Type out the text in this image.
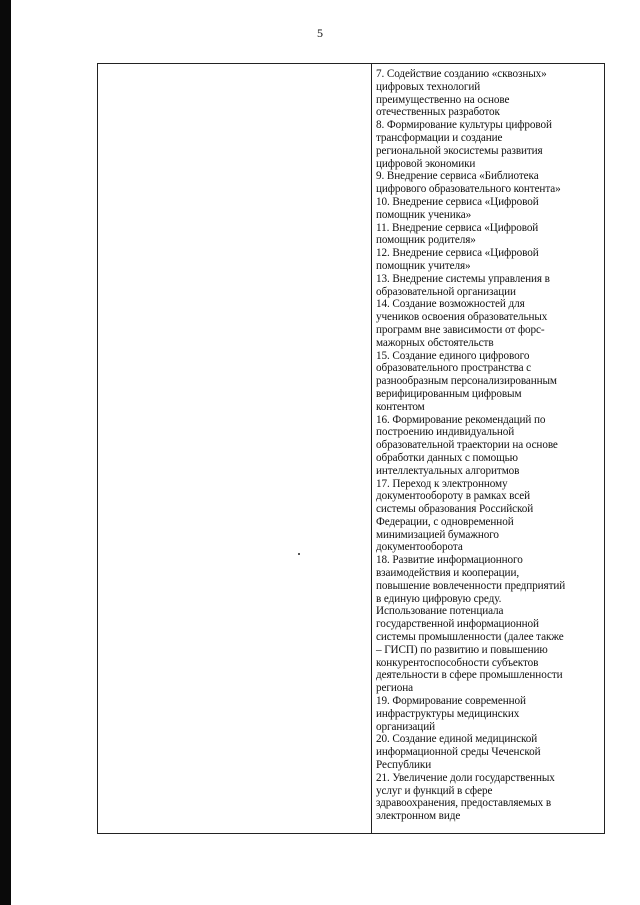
5
7. Содействие созданию «сквозных»
цифровых технологий
преимущественно на основе
отечественных разработок
8. Формирование культуры цифровой
трансформации и создание
региональной экосистемы развития
цифровой экономики
9. Внедрение сервиса «Библиотека
цифрового образовательного контента»
10. Внедрение сервиса «Цифровой
помощник ученика»
11. Внедрение сервиса «Цифровой
помощник родителя»
12. Внедрение сервиса «Цифровой
помощник учителя»
13. Внедрение системы управления в
образовательной организации
14. Создание возможностей для
учеников освоения образовательных
программ вне зависимости от форс-
мажорных обстоятельств
15. Создание единого цифрового
образовательного пространства с
разнообразным персонализированным
верифицированным цифровым
контентом
16. Формирование рекомендаций по
построению индивидуальной
образовательной траектории на основе
обработки данных с помощью
интеллектуальных алгоритмов
17. Переход к электронному
документообороту в рамках всей
системы образования Российской
Федерации, с одновременной
минимизацией бумажного
документооборота
18. Развитие информационного
взаимодействия и кооперации,
повышение вовлеченности предприятий
в единую цифровую среду.
Использование потенциала
государственной информационной
системы промышленности (далее также
– ГИСП) по развитию и повышению
конкурентоспособности субъектов
деятельности в сфере промышленности
региона
19. Формирование современной
инфраструктуры медицинских
организаций
20. Создание единой медицинской
информационной среды Чеченской
Республики
21. Увеличение доли государственных
услуг и функций в сфере
здравоохранения, предоставляемых в
электронном виде
